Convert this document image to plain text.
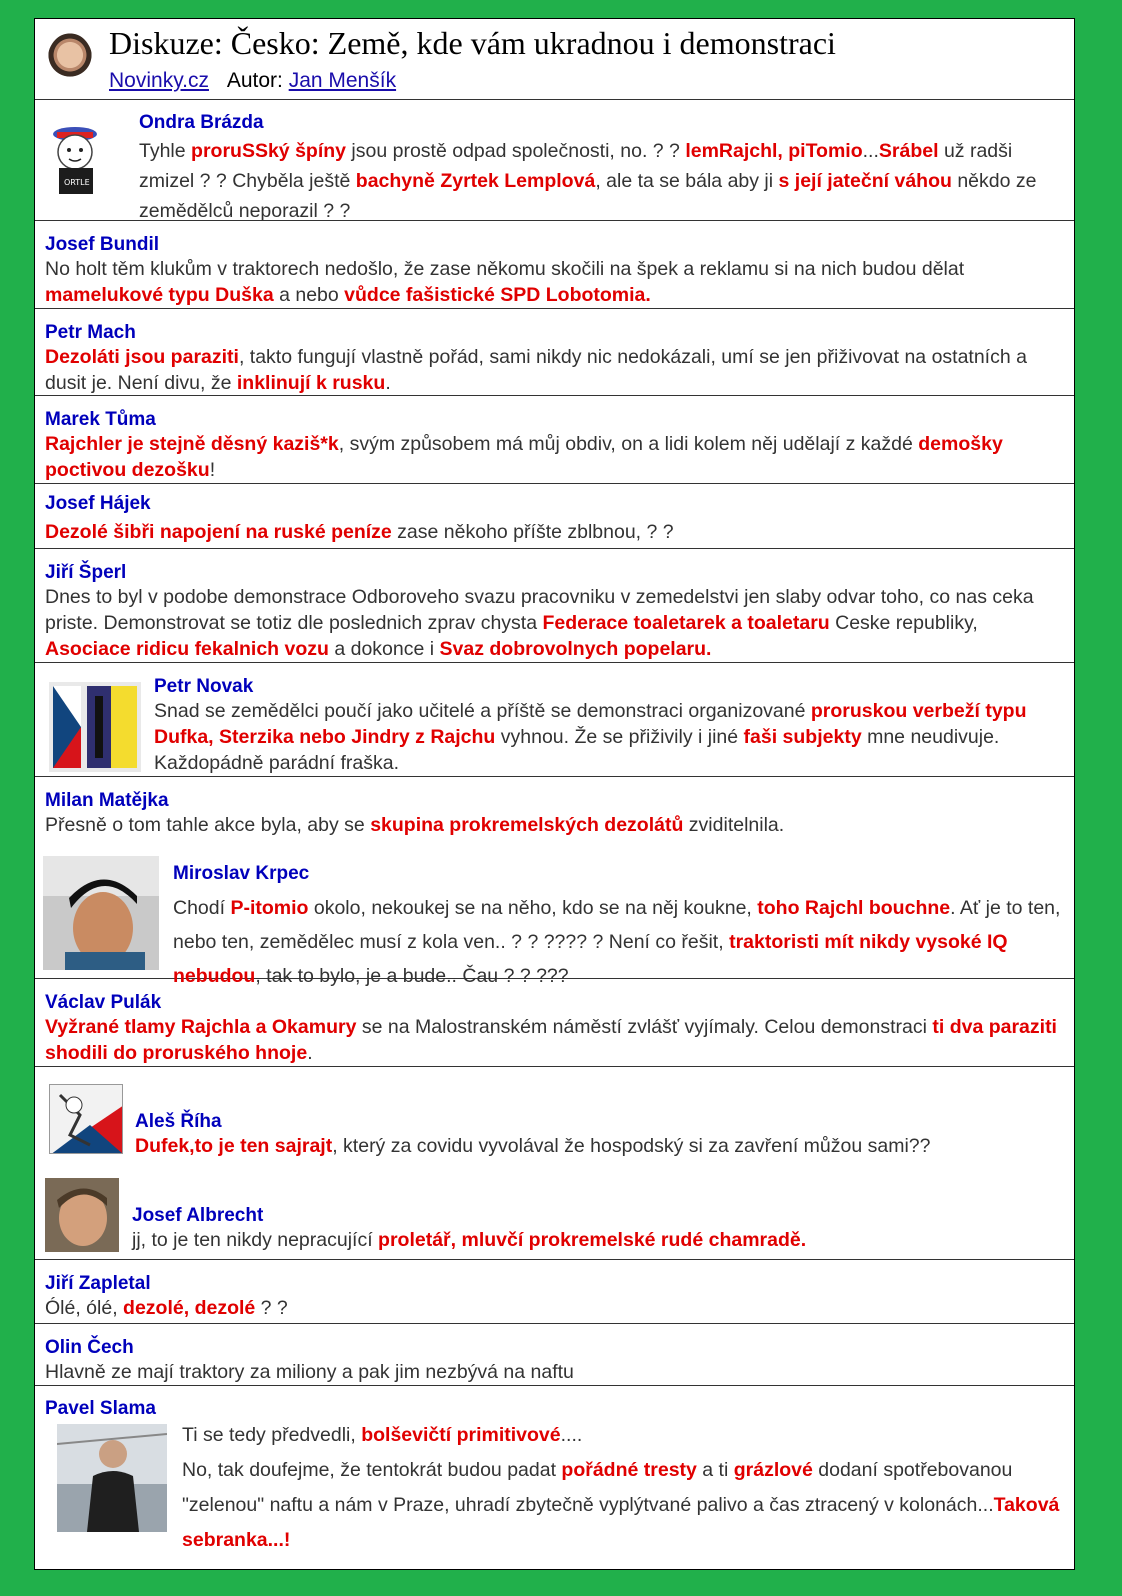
Diskuze: Česko: Země, kde vám ukradnou i demonstraci
Novinky.cz Autor: Jan Menšík
ORTLE
Ondra Brázda
Tyhle proruSSký špíny jsou prostě odpad společnosti, no. ? ? lemRajchl, piTomio...Srábel už radši zmizel ? ? Chyběla ještě bachyně Zyrtek Lemplová, ale ta se bála aby ji s její jateční váhou někdo ze zemědělců neporazil ? ?
Josef Bundil
No holt těm klukům v traktorech nedošlo, že zase někomu skočili na špek a reklamu si na nich budou dělat mamelukové typu Duška a nebo vůdce fašistické SPD Lobotomia.
Petr Mach
Dezoláti jsou paraziti, takto fungují vlastně pořád, sami nikdy nic nedokázali, umí se jen přiživovat na ostatních a dusit je. Není divu, že inklinují k rusku.
Marek Tůma
Rajchler je stejně děsný kaziš*k, svým způsobem má můj obdiv, on a lidi kolem něj udělají z každé demošky poctivou dezošku!
Josef Hájek
Dezolé šibři napojení na ruské peníze zase někoho příšte zblbnou, ? ?
Jiří Šperl
Dnes to byl v podobe demonstrace Odboroveho svazu pracovniku v zemedelstvi jen slaby odvar toho, co nas ceka priste. Demonstrovat se totiz dle poslednich zprav chysta Federace toaletarek a toaletaru Ceske republiky, Asociace ridicu fekalnich vozu a dokonce i Svaz dobrovolnych popelaru.
Petr Novak
Snad se zemědělci poučí jako učitelé a příště se demonstraci organizované proruskou verbeží typu Dufka, Sterzika nebo Jindry z Rajchu vyhnou. Že se přiživily i jiné faši subjekty mne neudivuje. Každopádně parádní fraška.
Milan Matějka
Přesně o tom tahle akce byla, aby se skupina prokremelských dezolátů zviditelnila.
Miroslav Krpec
Chodí P-itomio okolo, nekoukej se na něho, kdo se na něj koukne, toho Rajchl bouchne. Ať je to ten, nebo ten, zemědělec musí z kola ven.. ? ? ???? ? Není co řešit, traktoristi mít nikdy vysoké IQ nebudou, tak to bylo, je a bude.. Čau ? ? ???
Václav Pulák
Vyžrané tlamy Rajchla a Okamury se na Malostranském náměstí zvlášť vyjímaly. Celou demonstraci ti dva paraziti shodili do proruského hnoje.
Aleš Říha
Dufek,to je ten sajrajt, který za covidu vyvolával že hospodský si za zavření můžou sami??
Josef Albrecht
jj, to je ten nikdy nepracující proletář, mluvčí prokremelské rudé chamradě.
Jiří Zapletal
Ólé, ólé, dezolé, dezolé ? ?
Olin Čech
Hlavně ze mají traktory za miliony a pak jim nezbývá na naftu
Pavel Slama
Ti se tedy předvedli, bolševičtí primitivové....
No, tak doufejme, že tentokrát budou padat pořádné tresty a ti grázlové dodaní spotřebovanou "zelenou" naftu a nám v Praze, uhradí zbytečně vyplýtvané palivo a čas ztracený v kolonách...Taková sebranka...!
